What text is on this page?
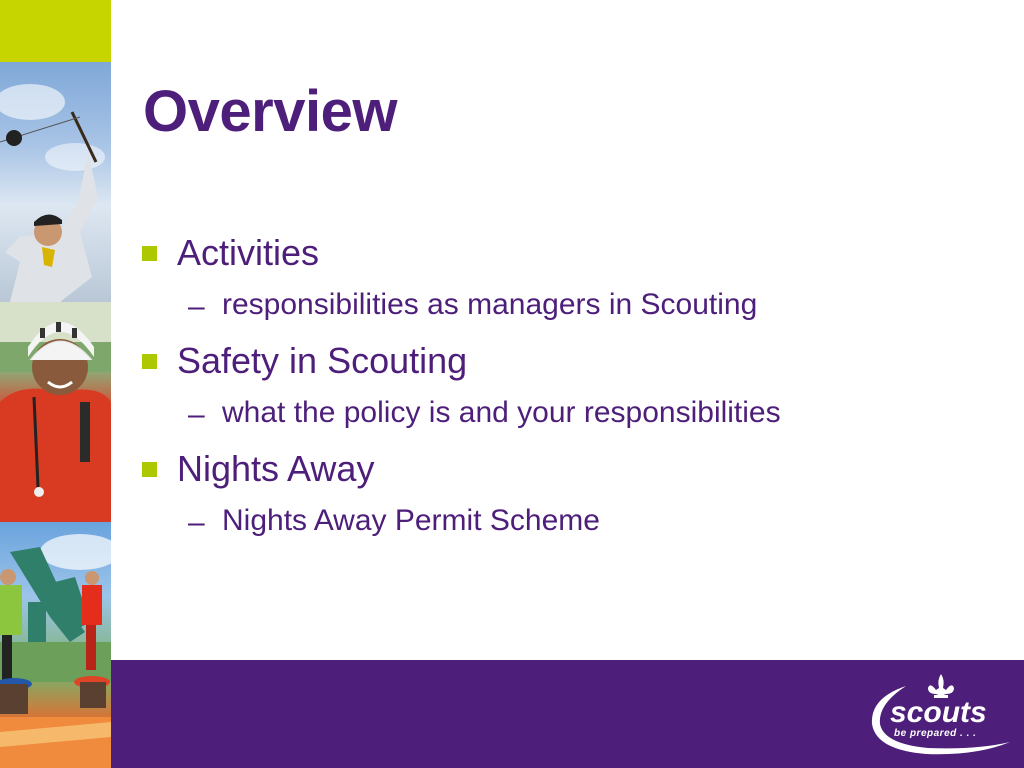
Overview
Activities
– responsibilities as managers in Scouting
Safety in Scouting
– what the policy is and your responsibilities
Nights Away
– Nights Away Permit Scheme
scouts
be prepared . . .
